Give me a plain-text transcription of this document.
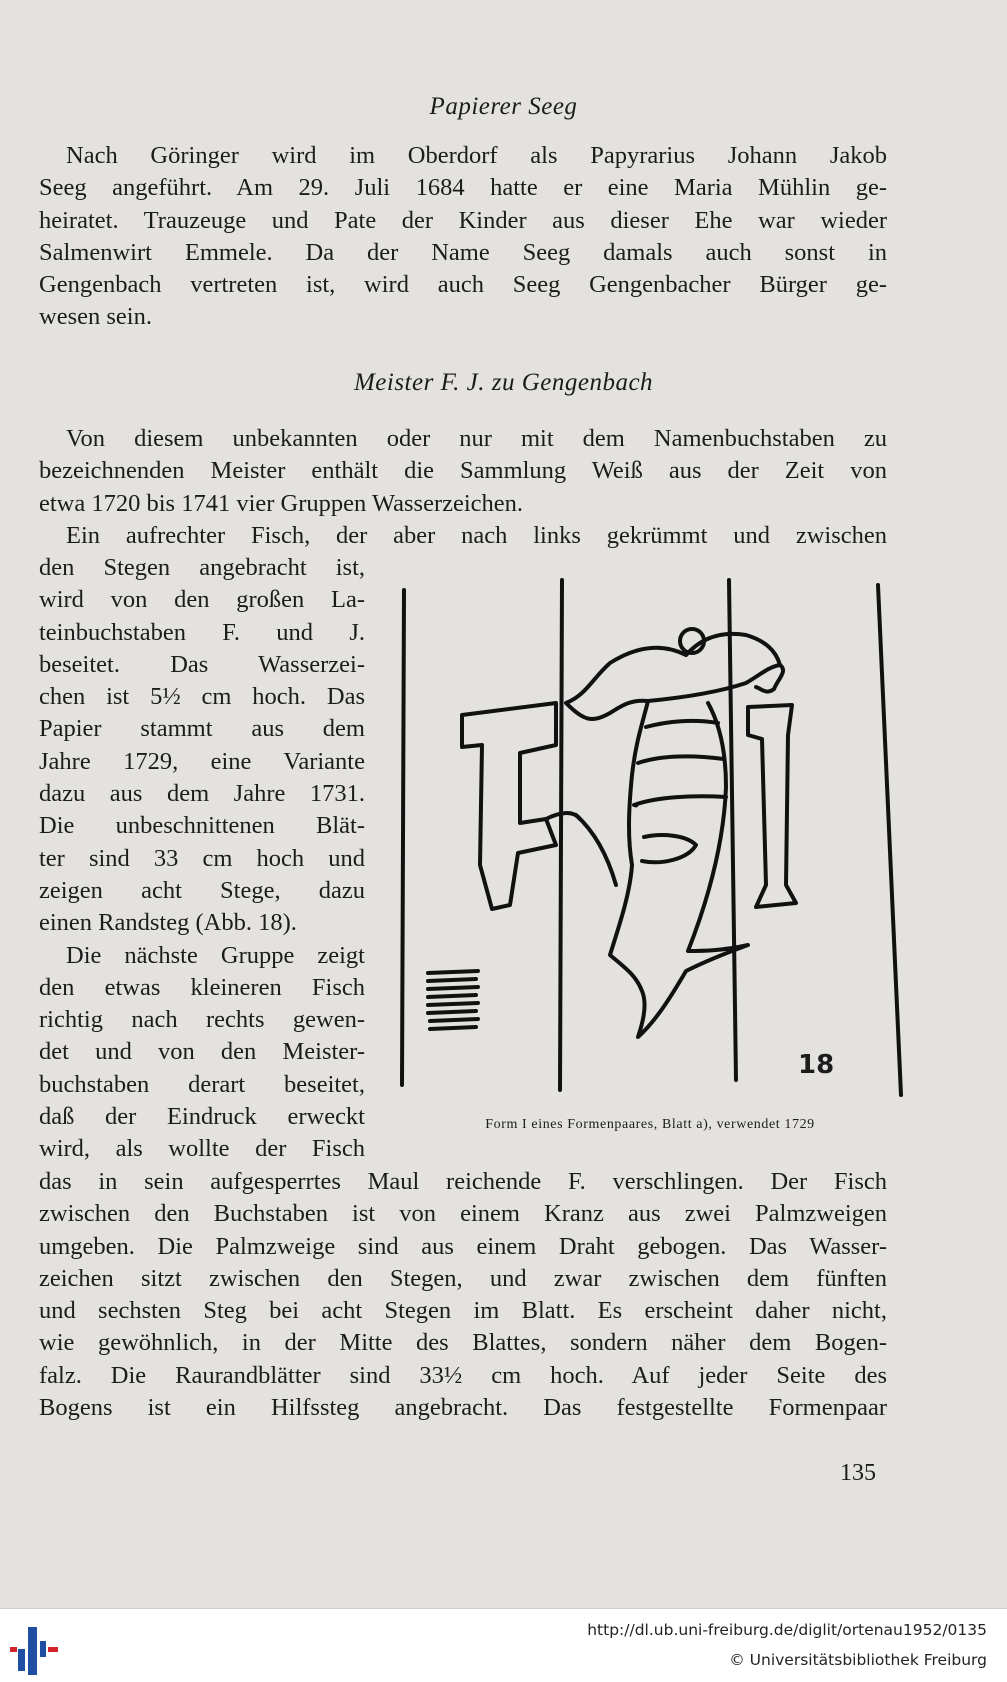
Papierer Seeg
Nach Göringer wird im Oberdorf als Papyrarius Johann Jakob
Seeg angeführt. Am 29. Juli 1684 hatte er eine Maria Mühlin ge-
heiratet. Trauzeuge und Pate der Kinder aus dieser Ehe war wieder
Salmenwirt Emmele. Da der Name Seeg damals auch sonst in
Gengenbach vertreten ist, wird auch Seeg Gengenbacher Bürger ge-
wesen sein.
Meister F. J. zu Gengenbach
Von diesem unbekannten oder nur mit dem Namenbuchstaben zu
bezeichnenden Meister enthält die Sammlung Weiß aus der Zeit von
etwa 1720 bis 1741 vier Gruppen Wasserzeichen.
Ein aufrechter Fisch, der aber nach links gekrümmt und zwischen
den Stegen angebracht ist,
wird von den großen La-
teinbuchstaben F. und J.
beseitet. Das Wasserzei-
chen ist 5½ cm hoch. Das
Papier stammt aus dem
Jahre 1729, eine Variante
dazu aus dem Jahre 1731.
Die unbeschnittenen Blät-
ter sind 33 cm hoch und
zeigen acht Stege, dazu
einen Randsteg (Abb. 18).
Die nächste Gruppe zeigt
den etwas kleineren Fisch
richtig nach rechts gewen-
det und von den Meister-
buchstaben derart beseitet,
daß der Eindruck erweckt
wird, als wollte der Fisch
das in sein aufgesperrtes Maul reichende F. verschlingen. Der Fisch
zwischen den Buchstaben ist von einem Kranz aus zwei Palmzweigen
umgeben. Die Palmzweige sind aus einem Draht gebogen. Das Wasser-
zeichen sitzt zwischen den Stegen, und zwar zwischen dem fünften
und sechsten Steg bei acht Stegen im Blatt. Es erscheint daher nicht,
wie gewöhnlich, in der Mitte des Blattes, sondern näher dem Bogen-
falz. Die Raurandblätter sind 33½ cm hoch. Auf jeder Seite des
Bogens ist ein Hilfssteg angebracht. Das festgestellte Formenpaar
18
Form I eines Formenpaares, Blatt a), verwendet 1729
135
http://dl.ub.uni-freiburg.de/diglit/ortenau1952/0135
© Universitätsbibliothek Freiburg
